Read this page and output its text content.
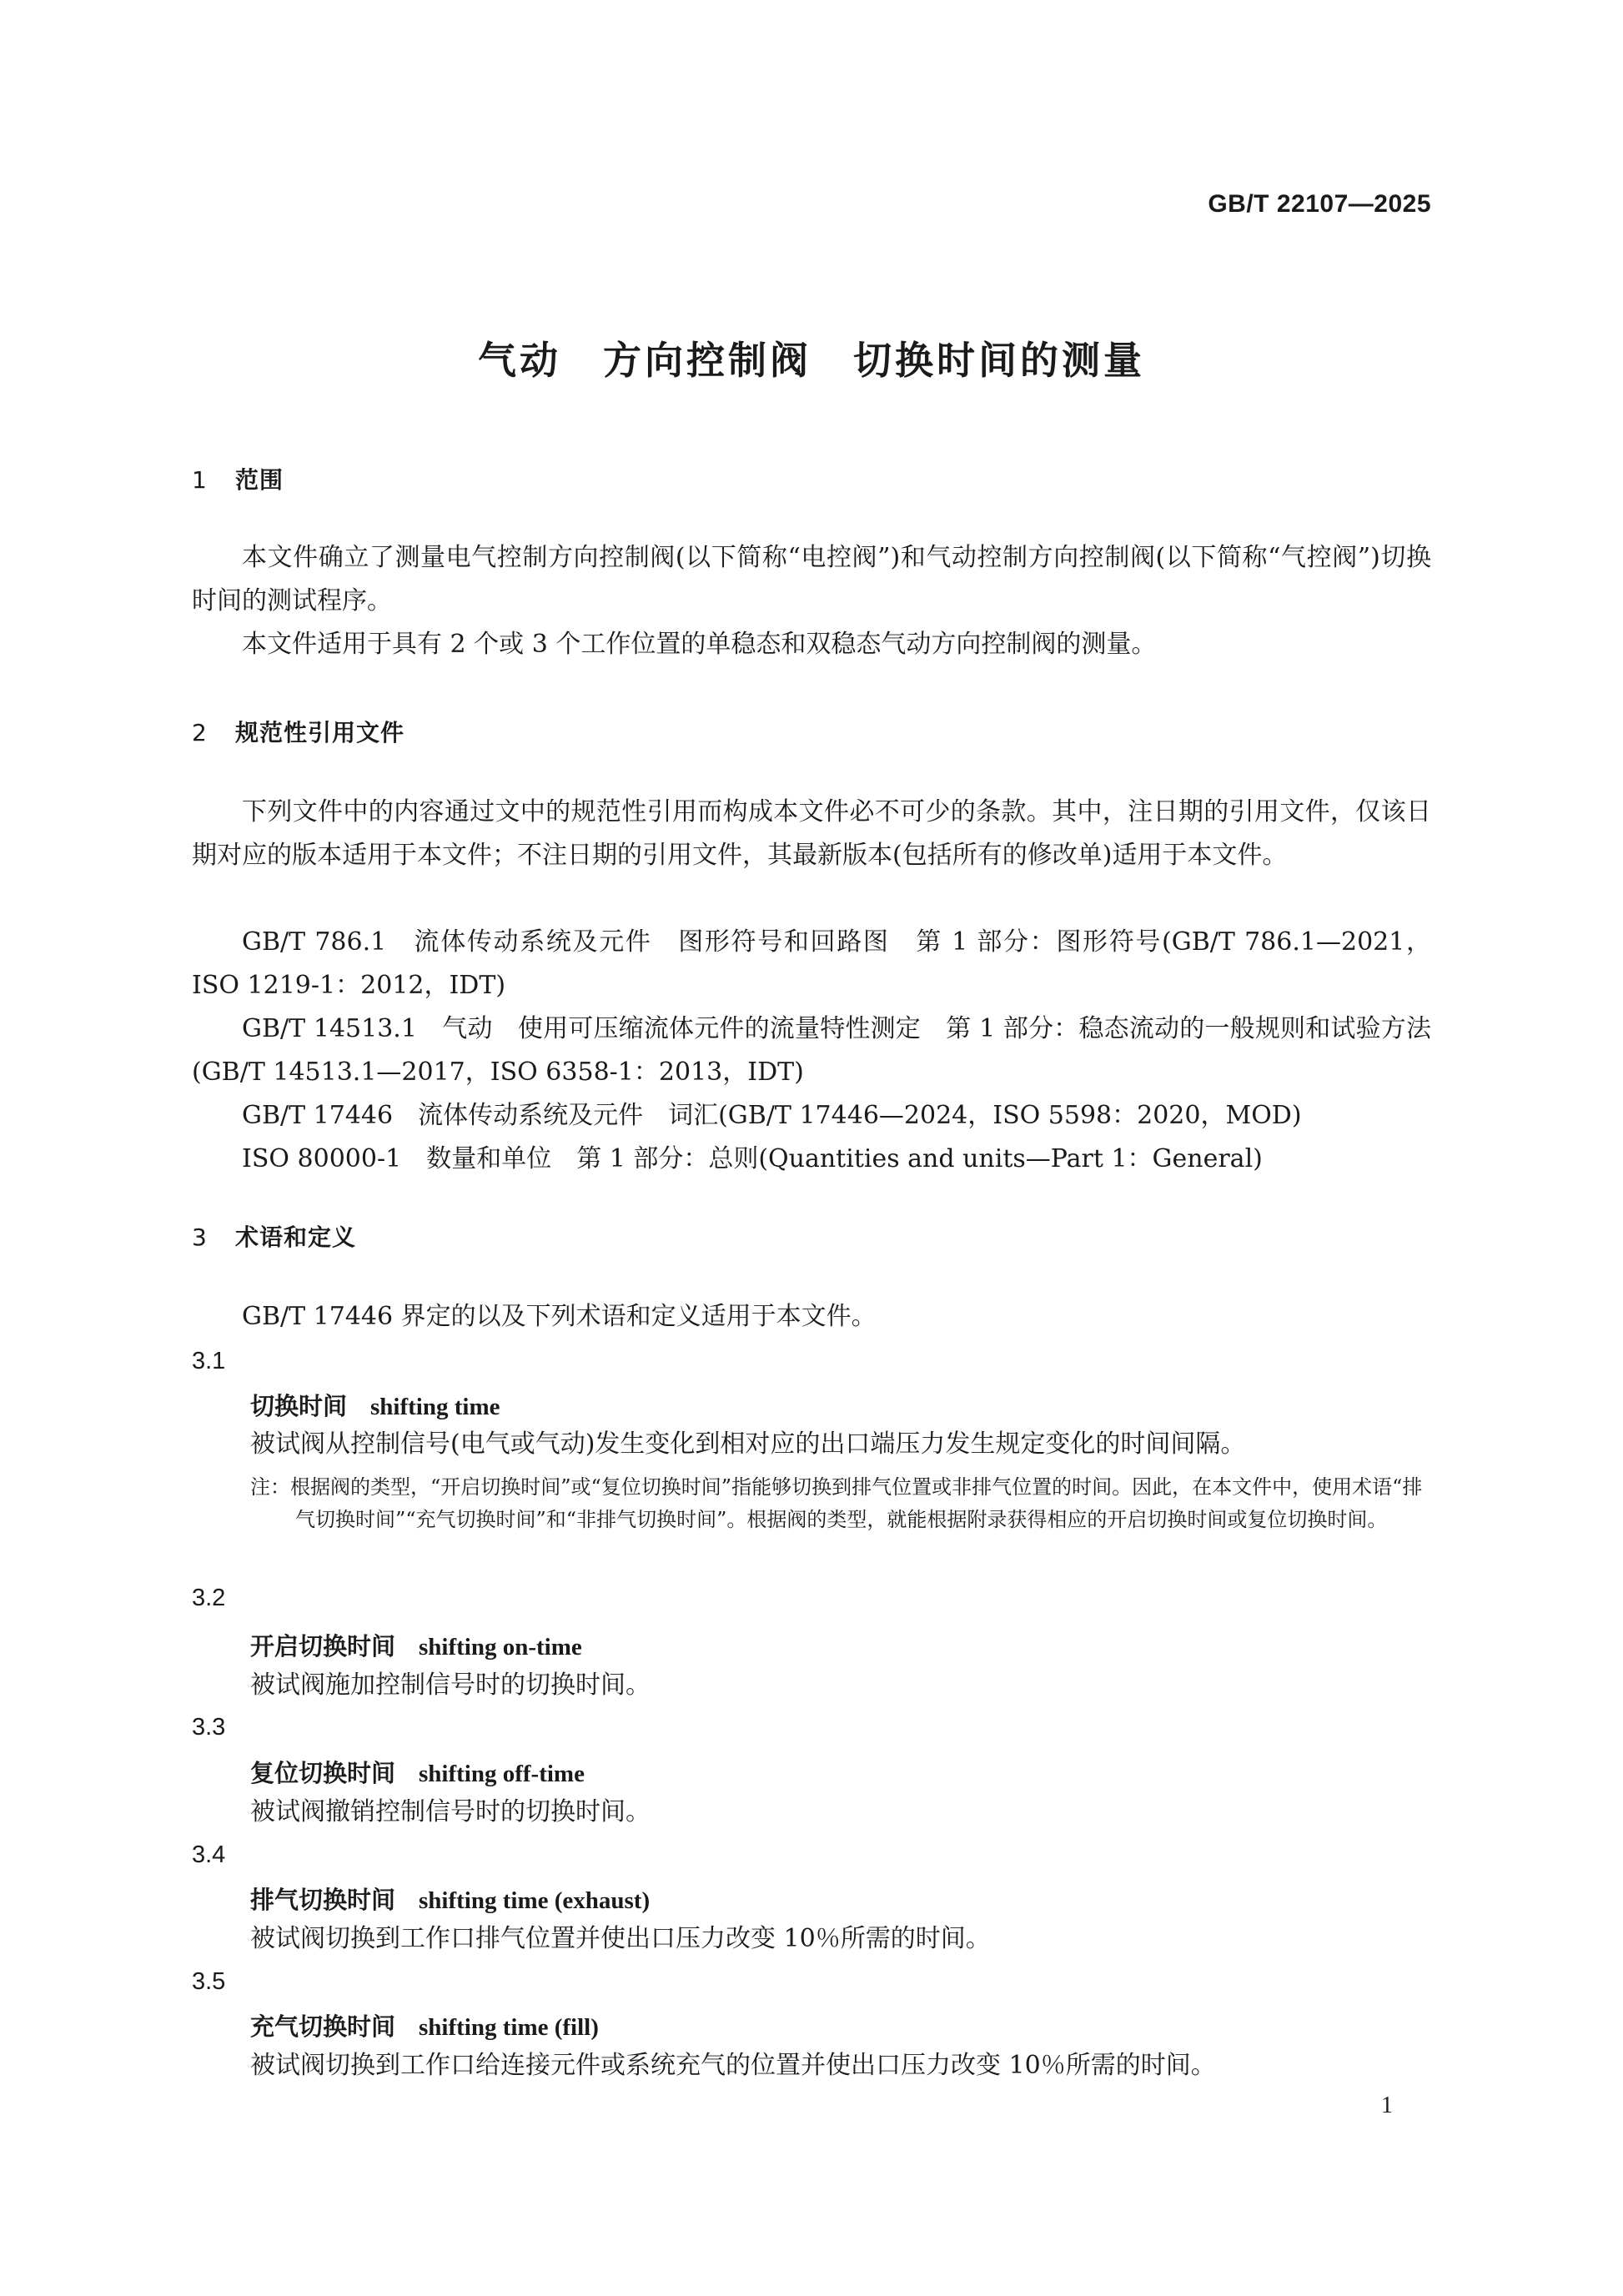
GB/T 22107—2025
气动　方向控制阀　切换时间的测量
1 范围
本文件确立了测量电气控制方向控制阀(以下简称“电控阀”)和气动控制方向控制阀(以下简称“气控阀”)切换时间的测试程序。
本文件适用于具有 2 个或 3 个工作位置的单稳态和双稳态气动方向控制阀的测量。
2 规范性引用文件
下列文件中的内容通过文中的规范性引用而构成本文件必不可少的条款。其中，注日期的引用文件，仅该日期对应的版本适用于本文件；不注日期的引用文件，其最新版本(包括所有的修改单)适用于本文件。
GB/T 786.1　流体传动系统及元件　图形符号和回路图　第 1 部分：图形符号(GB/T 786.1—2021，ISO 1219-1：2012，IDT)
GB/T 14513.1　气动　使用可压缩流体元件的流量特性测定　第 1 部分：稳态流动的一般规则和试验方法(GB/T 14513.1—2017，ISO 6358-1：2013，IDT)
GB/T 17446　流体传动系统及元件　词汇(GB/T 17446—2024，ISO 5598：2020，MOD)
ISO 80000-1　数量和单位　第 1 部分：总则(Quantities and units—Part 1：General)
3 术语和定义
GB/T 17446 界定的以及下列术语和定义适用于本文件。
3.1
切换时间 shifting time
被试阀从控制信号(电气或气动)发生变化到相对应的出口端压力发生规定变化的时间间隔。
注：根据阀的类型，“开启切换时间”或“复位切换时间”指能够切换到排气位置或非排气位置的时间。因此，在本文件中，使用术语“排气切换时间”“充气切换时间”和“非排气切换时间”。根据阀的类型，就能根据附录获得相应的开启切换时间或复位切换时间。
3.2
开启切换时间 shifting on-time
被试阀施加控制信号时的切换时间。
3.3
复位切换时间 shifting off-time
被试阀撤销控制信号时的切换时间。
3.4
排气切换时间 shifting time (exhaust)
被试阀切换到工作口排气位置并使出口压力改变 10％所需的时间。
3.5
充气切换时间 shifting time (fill)
被试阀切换到工作口给连接元件或系统充气的位置并使出口压力改变 10％所需的时间。
1
